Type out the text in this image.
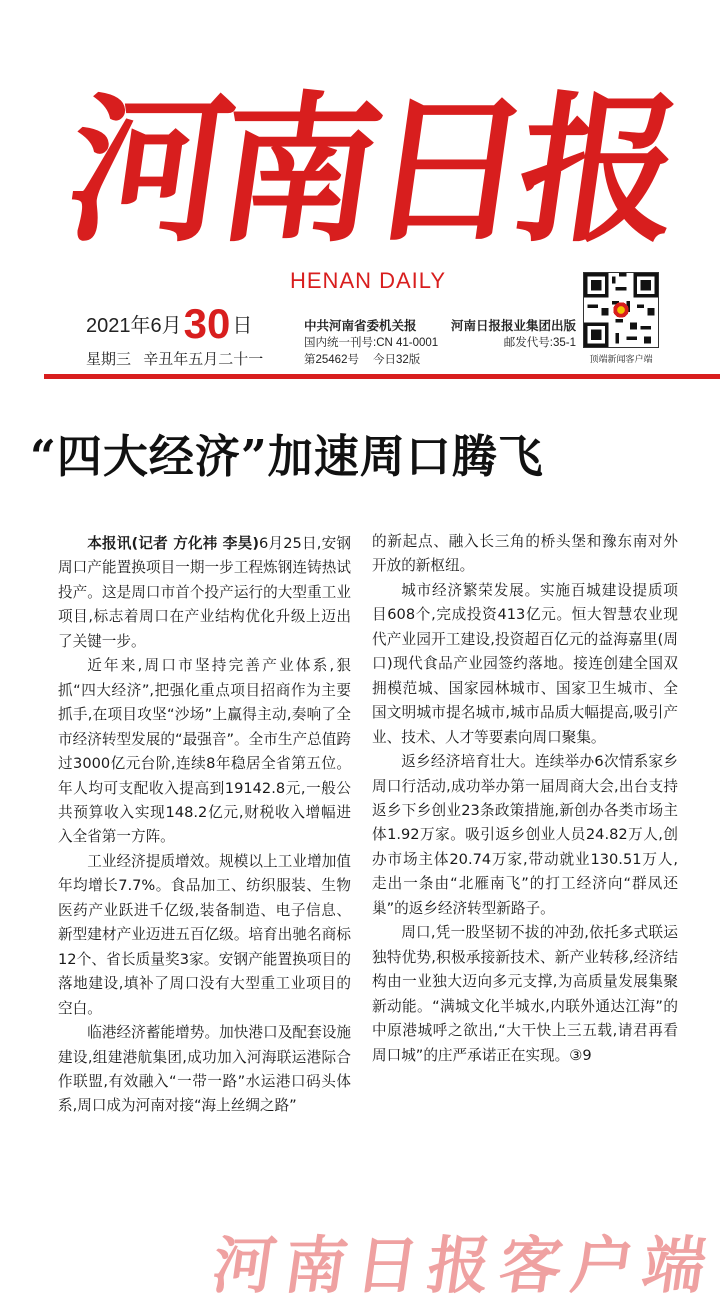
河
南
日
报
HENAN DAILY
2021年6月30 日
星期三 辛丑年五月二十一
中共河南省委机关报	河南日报报业集团出版
国内统一刊号:CN 41-0001	邮发代号:35-1
第25462号 今日32版	顶端新闻客户端
“四大经济”加速周口腾飞

本报讯(记者 方化祎 李昊)6月25日,安钢周口产能置换项目一期一步工程炼钢连铸热试投产。这是周口市首个投产运行的大型重工业项目,标志着周口在产业结构优化升级上迈出了关键一步。

近年来,周口市坚持完善产业体系,狠抓“四大经济”,把强化重点项目招商作为主要抓手,在项目攻坚“沙场”上赢得主动,奏响了全市经济转型发展的“最强音”。全市生产总值跨过3000亿元台阶,连续8年稳居全省第五位。年人均可支配收入提高到19142.8元,一般公共预算收入实现148.2亿元,财税收入增幅进入全省第一方阵。

工业经济提质增效。规模以上工业增加值年均增长7.7%。食品加工、纺织服装、生物医药产业跃进千亿级,装备制造、电子信息、新型建材产业迈进五百亿级。培育出驰名商标12个、省长质量奖3家。安钢产能置换项目的落地建设,填补了周口没有大型重工业项目的空白。

临港经济蓄能增势。加快港口及配套设施建设,组建港航集团,成功加入河海联运港际合作联盟,有效融入“一带一路”水运港口码头体系,周口成为河南对接“海上丝绸之路”

的新起点、融入长三角的桥头堡和豫东南对外开放的新枢纽。

城市经济繁荣发展。实施百城建设提质项目608个,完成投资413亿元。恒大智慧农业现代产业园开工建设,投资超百亿元的益海嘉里(周口)现代食品产业园签约落地。接连创建全国双拥模范城、国家园林城市、国家卫生城市、全国文明城市提名城市,城市品质大幅提高,吸引产业、技术、人才等要素向周口聚集。

返乡经济培育壮大。连续举办6次情系家乡周口行活动,成功举办第一届周商大会,出台支持返乡下乡创业23条政策措施,新创办各类市场主体1.92万家。吸引返乡创业人员24.82万人,创办市场主体20.74万家,带动就业130.51万人,走出一条由“北雁南飞”的打工经济向“群凤还巢”的返乡经济转型新路子。

周口,凭一股坚韧不拔的冲劲,依托多式联运独特优势,积极承接新技术、新产业转移,经济结构由一业独大迈向多元支撑,为高质量发展集聚新动能。“满城文化半城水,内联外通达江海”的中原港城呼之欲出,“大干快上三五载,请君再看周口城”的庄严承诺正在实现。③9

河 南 日 报 客 户 端
